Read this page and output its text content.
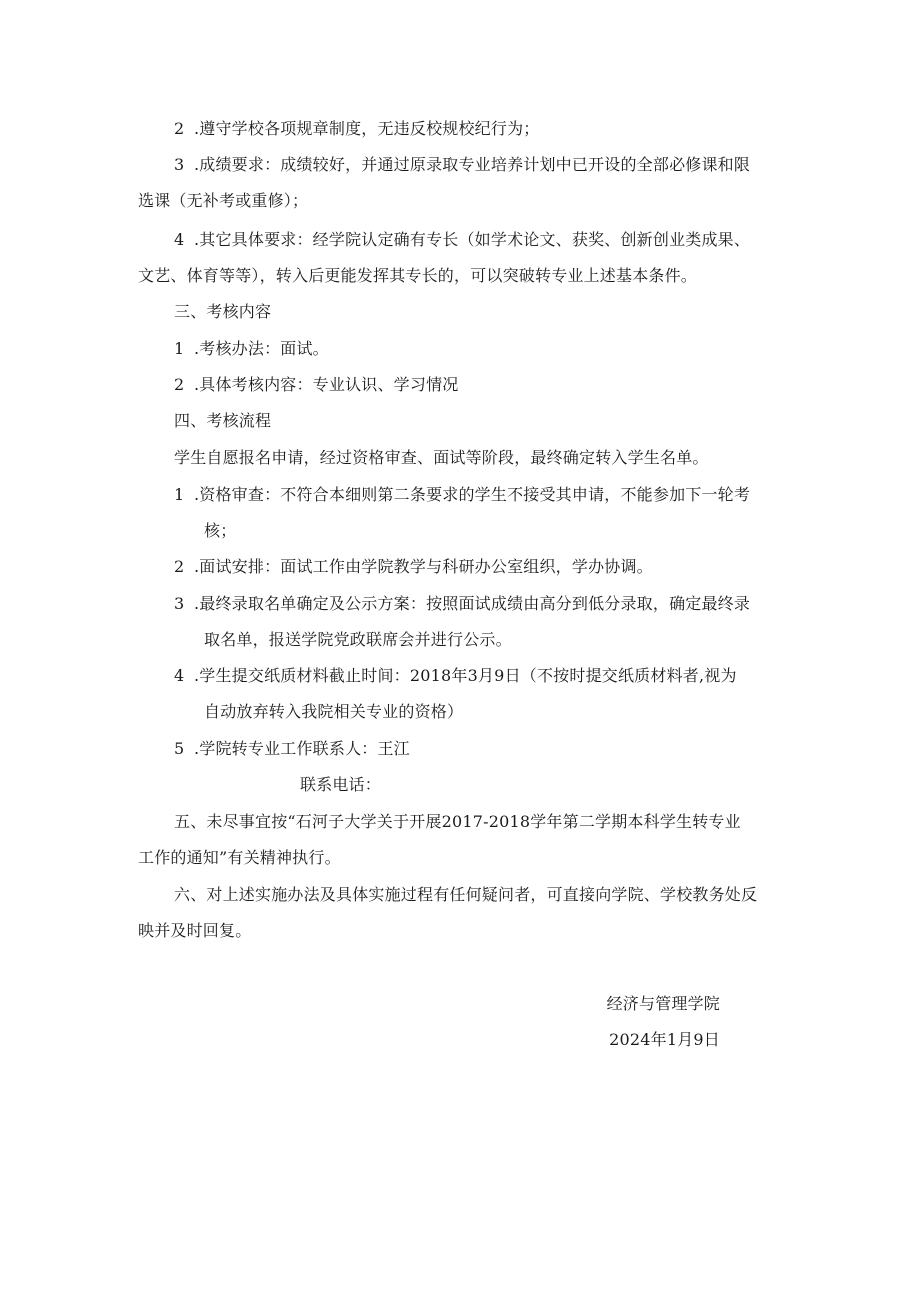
2 .遵守学校各项规章制度，无违反校规校纪行为；
3 .成绩要求：成绩较好，并通过原录取专业培养计划中已开设的全部必修课和限
选课（无补考或重修）；
4 .其它具体要求：经学院认定确有专长（如学术论文、获奖、创新创业类成果、
文艺、体育等等），转入后更能发挥其专长的，可以突破转专业上述基本条件。
三、考核内容
1 .考核办法：面试。
2 .具体考核内容：专业认识、学习情况
四、考核流程
学生自愿报名申请，经过资格审查、面试等阶段，最终确定转入学生名单。
1 .资格审查：不符合本细则第二条要求的学生不接受其申请，不能参加下一轮考
核；
2 .面试安排：面试工作由学院教学与科研办公室组织，学办协调。
3 .最终录取名单确定及公示方案：按照面试成绩由高分到低分录取，确定最终录
取名单，报送学院党政联席会并进行公示。
4 .学生提交纸质材料截止时间：2018年3月9日（不按时提交纸质材料者,视为
自动放弃转入我院相关专业的资格）
5 .学院转专业工作联系人：王江
联系电话：
五、未尽事宜按“石河子大学关于开展2017-2018学年第二学期本科学生转专业
工作的通知”有关精神执行。
六、对上述实施办法及具体实施过程有任何疑问者，可直接向学院、学校教务处反
映并及时回复。
经济与管理学院
2024年1月9日
